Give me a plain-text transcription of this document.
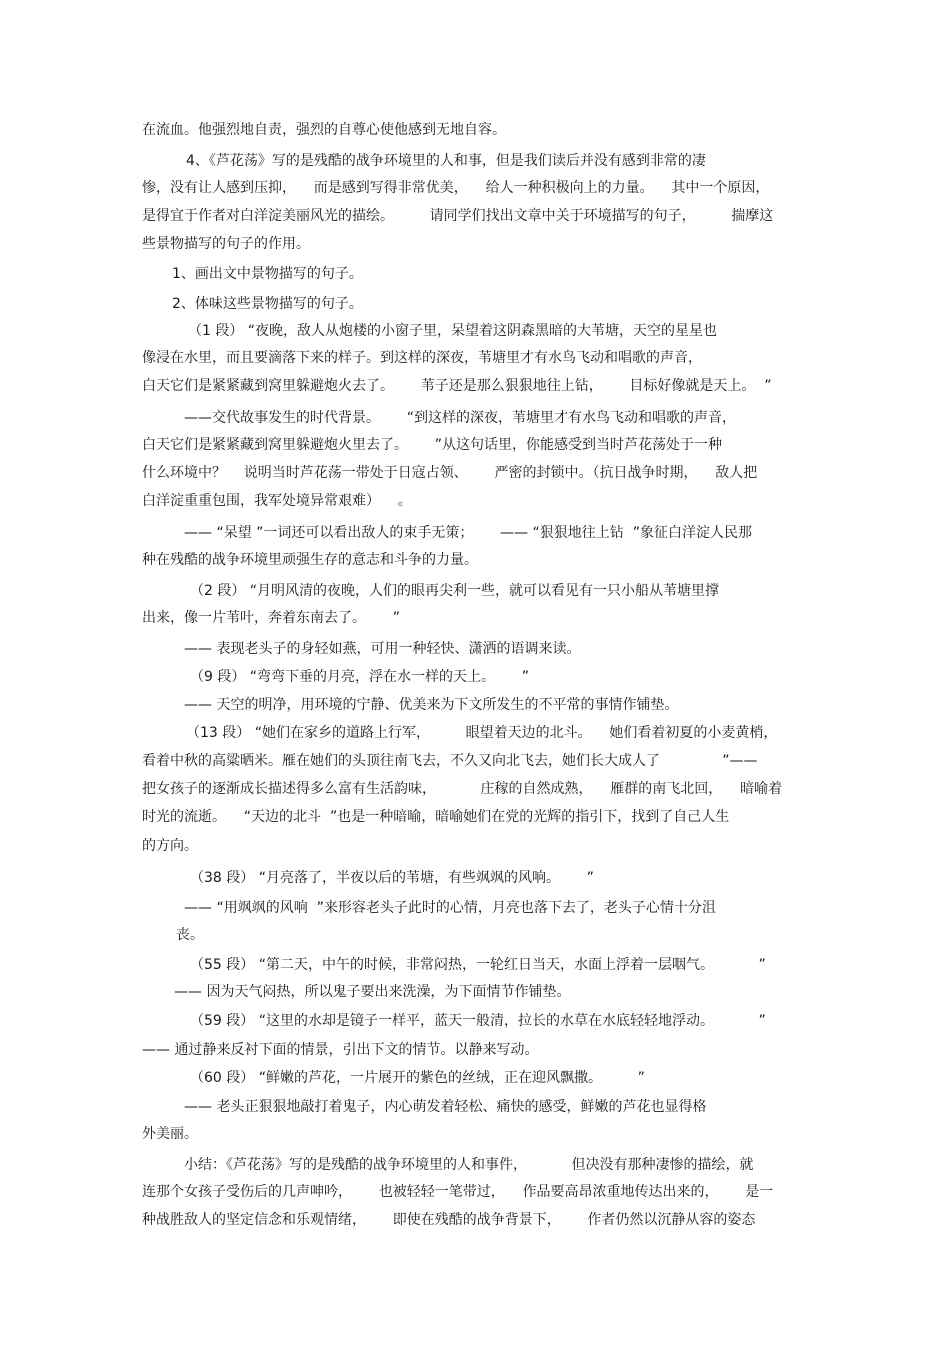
在流血。他强烈地自责，强烈的自尊心使他感到无地自容。
4、《芦花荡》写的是残酷的战争环境里的人和事，但是我们读后并没有感到非常的凄
惨，没有让人感到压抑，    而是感到写得非常优美，    给人一种积极向上的力量。    其中一个原因，
是得宜于作者对白洋淀美丽风光的描绘。        请同学们找出文章中关于环境描写的句子，        揣摩这
些景物描写的句子的作用。
1、画出文中景物描写的句子。
2、体味这些景物描写的句子。
（1 段） “夜晚，敌人从炮楼的小窗子里，呆望着这阴森黑暗的大苇塘，天空的星星也
像浸在水里，而且要滴落下来的样子。到这样的深夜，苇塘里才有水鸟飞动和唱歌的声音，
白天它们是紧紧藏到窝里躲避炮火去了。      苇子还是那么狠狠地往上钻，      目标好像就是天上。  ”
——交代故事发生的时代背景。      “到这样的深夜，苇塘里才有水鸟飞动和唱歌的声音，
白天它们是紧紧藏到窝里躲避炮火里去了。      ”从这句话里，你能感受到当时芦花荡处于一种
什么环境中？    说明当时芦花荡一带处于日寇占领、      严密的封锁中。（抗日战争时期，    敌人把
白洋淀重重包围，我军处境异常艰难）    。
—— “呆望 ”一词还可以看出敌人的束手无策；      —— “狠狠地往上钻  ”象征白洋淀人民那
种在残酷的战争环境里顽强生存的意志和斗争的力量。
（2 段） “月明风清的夜晚，人们的眼再尖利一些，就可以看见有一只小船从苇塘里撑
出来，像一片苇叶，奔着东南去了。      ”
—— 表现老头子的身轻如燕，可用一种轻快、潇洒的语调来读。
（9 段） “弯弯下垂的月亮，浮在水一样的天上。      ”
—— 天空的明净，用环境的宁静、优美来为下文所发生的不平常的事情作铺垫。
（13 段） “她们在家乡的道路上行军，        眼望着天边的北斗。    她们看着初夏的小麦黄梢，
看着中秋的高粱晒米。雁在她们的头顶往南飞去，不久又向北飞去，她们长大成人了              ”——
把女孩子的逐渐成长描述得多么富有生活韵味，          庄稼的自然成熟，    雁群的南飞北回，    暗喻着
时光的流逝。    “天边的北斗  ”也是一种暗喻，暗喻她们在党的光辉的指引下，找到了自己人生
的方向。
（38 段） “月亮落了，半夜以后的苇塘，有些飒飒的风响。      ”
—— “用飒飒的风响  ”来形容老头子此时的心情，月亮也落下去了，老头子心情十分沮
丧。
（55 段） “第二天，中午的时候，非常闷热，一轮红日当天，水面上浮着一层咽气。          ”
—— 因为天气闷热，所以鬼子要出来洗澡，为下面情节作铺垫。
（59 段） “这里的水却是镜子一样平，蓝天一般清，拉长的水草在水底轻轻地浮动。          ”
—— 通过静来反衬下面的情景，引出下文的情节。以静来写动。
（60 段） “鲜嫩的芦花，一片展开的紫色的丝绒，正在迎风飘撒。        ”
—— 老头正狠狠地敲打着鬼子，内心萌发着轻松、痛快的感受，鲜嫩的芦花也显得格
外美丽。
小结：《芦花荡》写的是残酷的战争环境里的人和事件，          但决没有那种凄惨的描绘，就
连那个女孩子受伤后的几声呻吟，      也被轻轻一笔带过，    作品要高昂浓重地传达出来的，      是一
种战胜敌人的坚定信念和乐观情绪，      即使在残酷的战争背景下，      作者仍然以沉静从容的姿态
